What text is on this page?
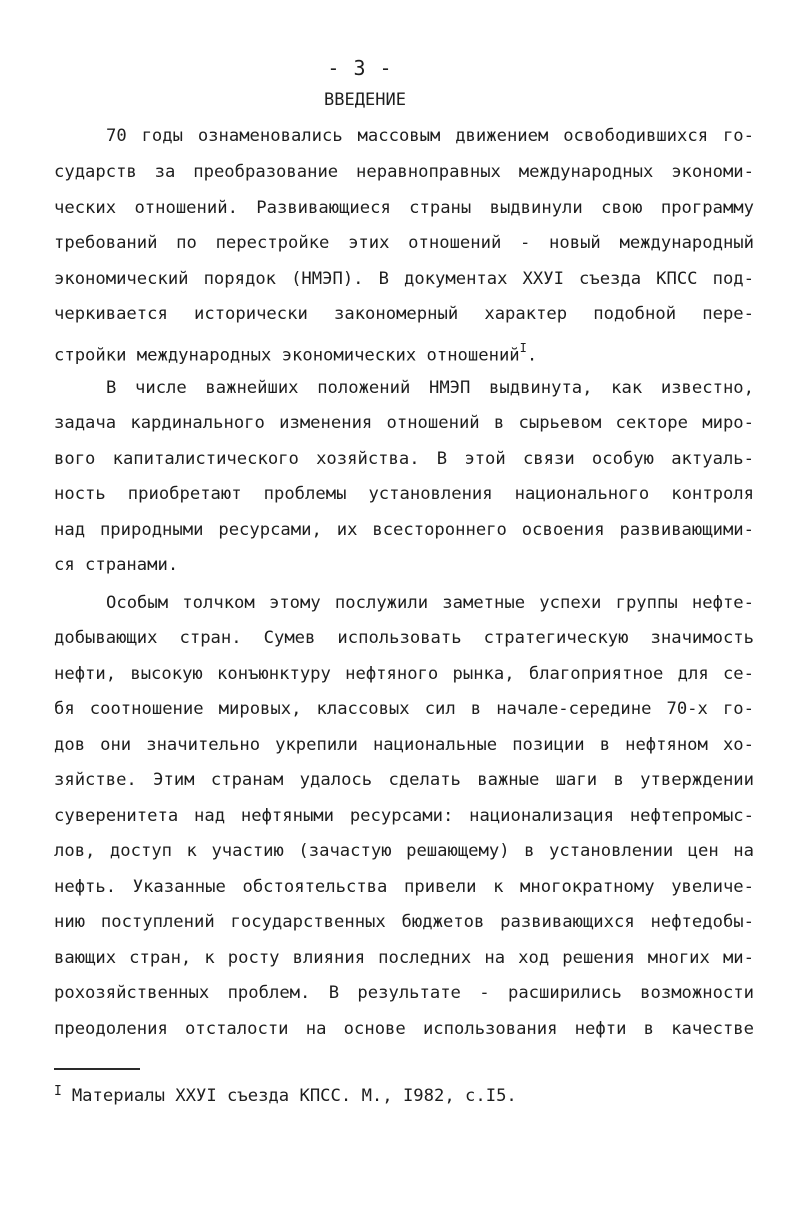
- 3 -
ВВЕДЕНИЕ
70 годы ознаменовались массовым движением освободившихся го-
сударств за преобразование неравноправных международных экономи-
ческих отношений. Развивающиеся страны выдвинули свою программу
требований по перестройке этих отношений - новый международный
экономический порядок (НМЭП). В документах ХХУI съезда КПСС под-
черкивается исторически закономерный характер подобной пере-
стройки международных экономических отношений$^I$.
В числе важнейших положений НМЭП выдвинута, как известно,
задача кардинального изменения отношений в сырьевом секторе миро-
вого капиталистического хозяйства. В этой связи особую актуаль-
ность приобретают проблемы установления национального контроля
над природными ресурсами, их всестороннего освоения развивающими-
ся странами.
Особым толчком этому послужили заметные успехи группы нефте-
добывающих стран. Сумев использовать стратегическую значимость
нефти, высокую конъюнктуру нефтяного рынка, благоприятное для се-
бя соотношение мировых, классовых сил в начале-середине 70-х го-
дов они значительно укрепили национальные позиции в нефтяном хо-
зяйстве. Этим странам удалось сделать важные шаги в утверждении
суверенитета над нефтяными ресурсами: национализация нефтепромыс-
лов, доступ к участию (зачастую решающему) в установлении цен на
нефть. Указанные обстоятельства привели к многократному увеличе-
нию поступлений государственных бюджетов развивающихся нефтедобы-
вающих стран, к росту влияния последних на ход решения многих ми-
рохозяйственных проблем. В результате - расширились возможности
преодоления отсталости на основе использования нефти в качестве
$^I$ Материалы ХХУI съезда КПСС. М., I982, с.I5.
